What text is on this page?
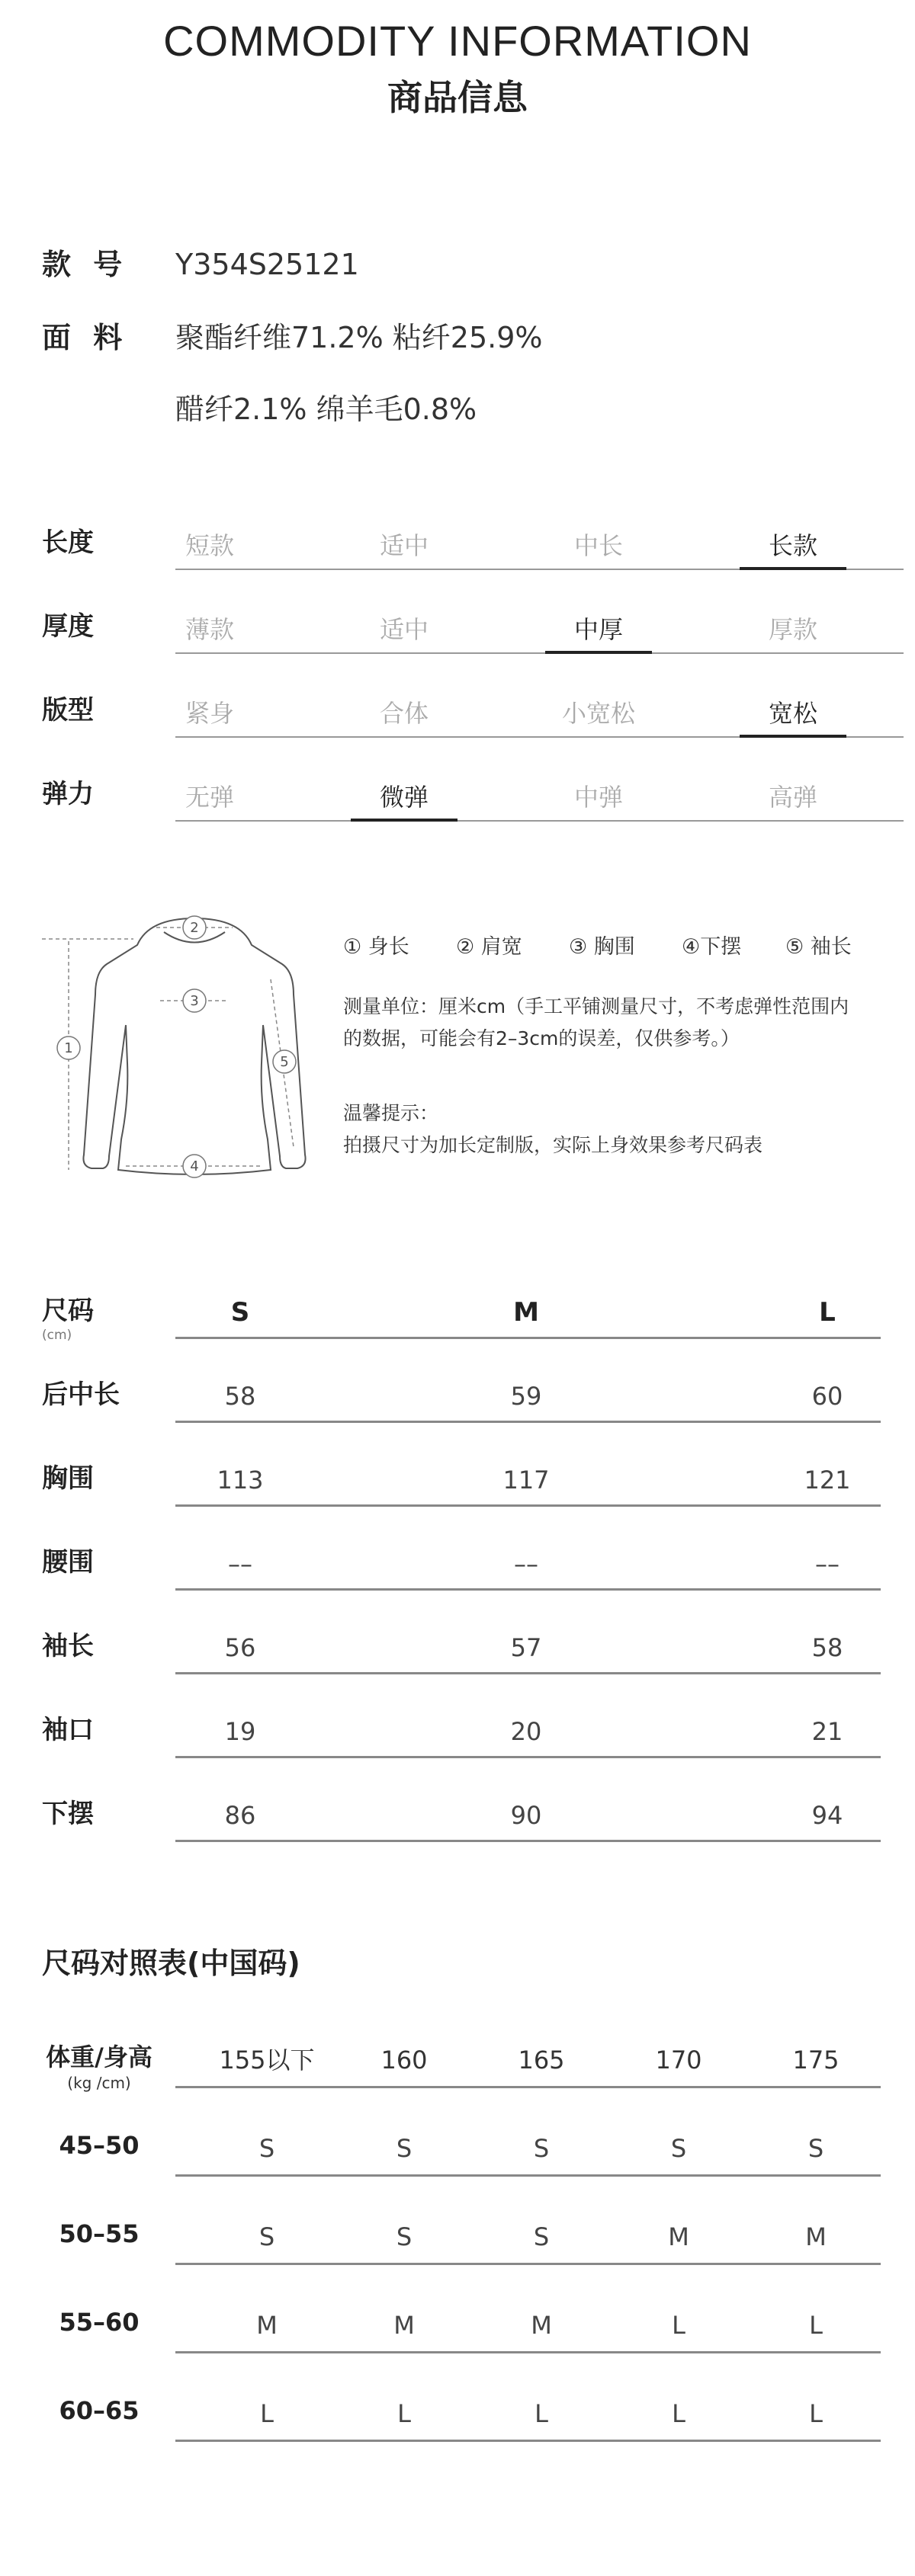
COMMODITY INFORMATION
商品信息
款 号	Y354S25121
面 料	聚酯纤维71.2% 粘纤25.9%
醋纤2.1% 绵羊毛0.8%
长度	短款	适中	中长	长款
厚度	薄款	适中	中厚	厚款
版型	紧身	合体	小宽松	宽松
弹力	无弹	微弹	中弹	高弹
1
2
3
4
5
① 身长 ② 肩宽 ③ 胸围 ④下摆 ⑤ 袖长
测量单位：厘米cm（手工平铺测量尺寸，不考虑弹性范围内
的数据，可能会有2–3cm的误差，仅供参考。）
温馨提示：
拍摄尺寸为加长定制版，实际上身效果参考尺码表
尺码
(cm)
S	M	L
后中长	58	59	60
胸围	113	117	121
腰围	––	––	––
袖长	56	57	58
袖口	19	20	21
下摆	86	90	94
尺码对照表(中国码)
体重/身高
(kg /cm)
155以下	160	165	170	175
45–50	S	S	S	S	S
50–55	S	S	S	M	M
55–60	M	M	M	L	L
60–65	L	L	L	L	L
